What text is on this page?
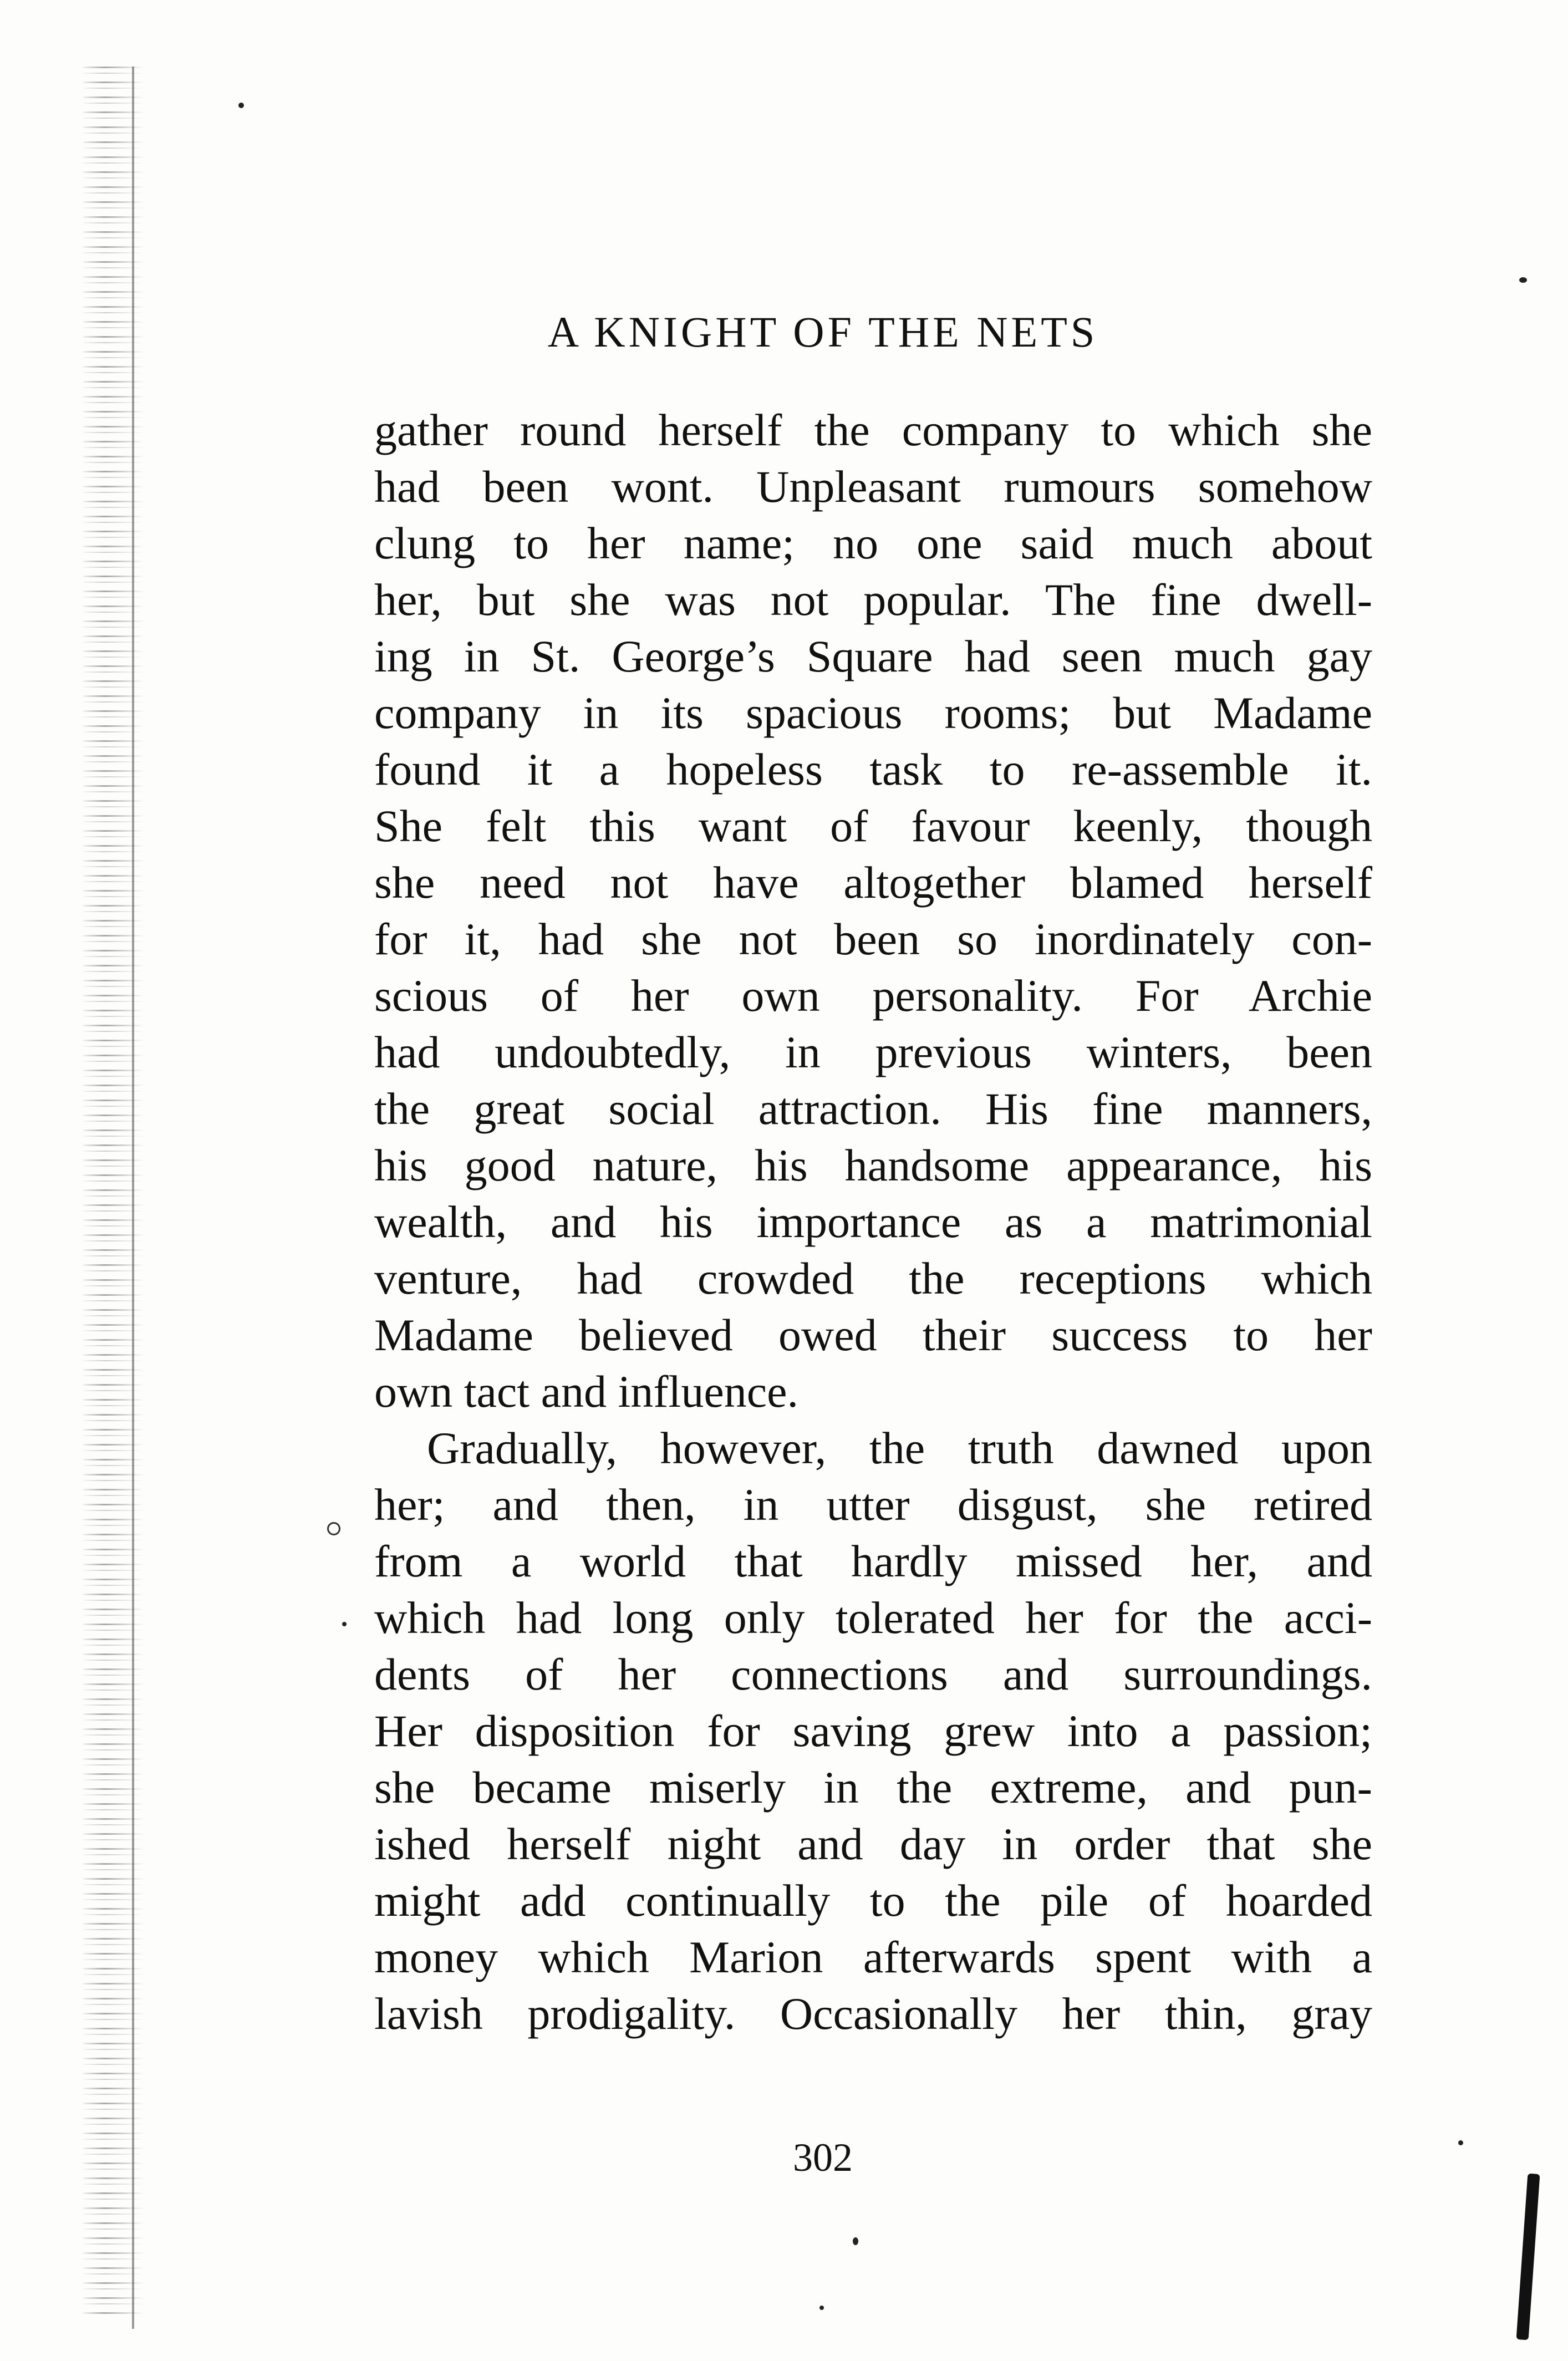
A KNIGHT OF THE NETS
gather round herself the company to which she
had been wont. Unpleasant rumours somehow
clung to her name; no one said much about
her, but she was not popular. The fine dwell-
ing in St. George’s Square had seen much gay
company in its spacious rooms; but Madame
found it a hopeless task to re-assemble it.
She felt this want of favour keenly, though
she need not have altogether blamed herself
for it, had she not been so inordinately con-
scious of her own personality. For Archie
had undoubtedly, in previous winters, been
the great social attraction. His fine manners,
his good nature, his handsome appearance, his
wealth, and his importance as a matrimonial
venture, had crowded the receptions which
Madame believed owed their success to her
own tact and influence.
Gradually, however, the truth dawned upon
her; and then, in utter disgust, she retired
from a world that hardly missed her, and
which had long only tolerated her for the acci-
dents of her connections and surroundings.
Her disposition for saving grew into a passion;
she became miserly in the extreme, and pun-
ished herself night and day in order that she
might add continually to the pile of hoarded
money which Marion afterwards spent with a
lavish prodigality. Occasionally her thin, gray

302
